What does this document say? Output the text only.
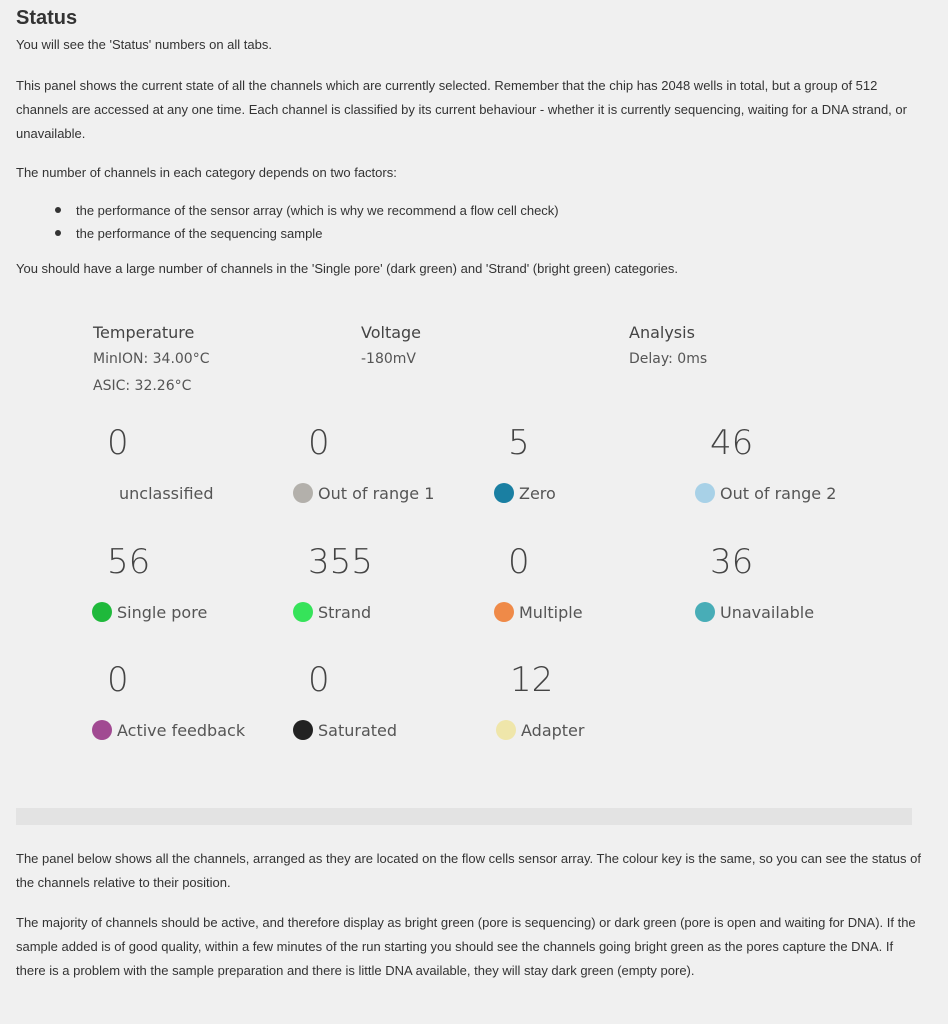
Status
You will see the 'Status' numbers on all tabs.
This panel shows the current state of all the channels which are currently selected. Remember that the chip has 2048 wells in total, but a group of 512 channels are accessed at any one time. Each channel is classified by its current behaviour - whether it is currently sequencing, waiting for a DNA strand, or unavailable.
The number of channels in each category depends on two factors:
the performance of the sensor array (which is why we recommend a flow cell check)
the performance of the sequencing sample
You should have a large number of channels in the 'Single pore' (dark green) and 'Strand' (bright green) categories.
Temperature
MinION: 34.00°C
ASIC: 32.26°C
Voltage
-180mV
Analysis
Delay: 0ms
0
unclassified
0
Out of range 1
5
Zero
46
Out of range 2
56
Single pore
355
Strand
0
Multiple
36
Unavailable
0
Active feedback
0
Saturated
12
Adapter
The panel below shows all the channels, arranged as they are located on the flow cells sensor array. The colour key is the same, so you can see the status of the channels relative to their position.
The majority of channels should be active, and therefore display as bright green (pore is sequencing) or dark green (pore is open and waiting for DNA). If the sample added is of good quality, within a few minutes of the run starting you should see the channels going bright green as the pores capture the DNA. If there is a problem with the sample preparation and there is little DNA available, they will stay dark green (empty pore).
